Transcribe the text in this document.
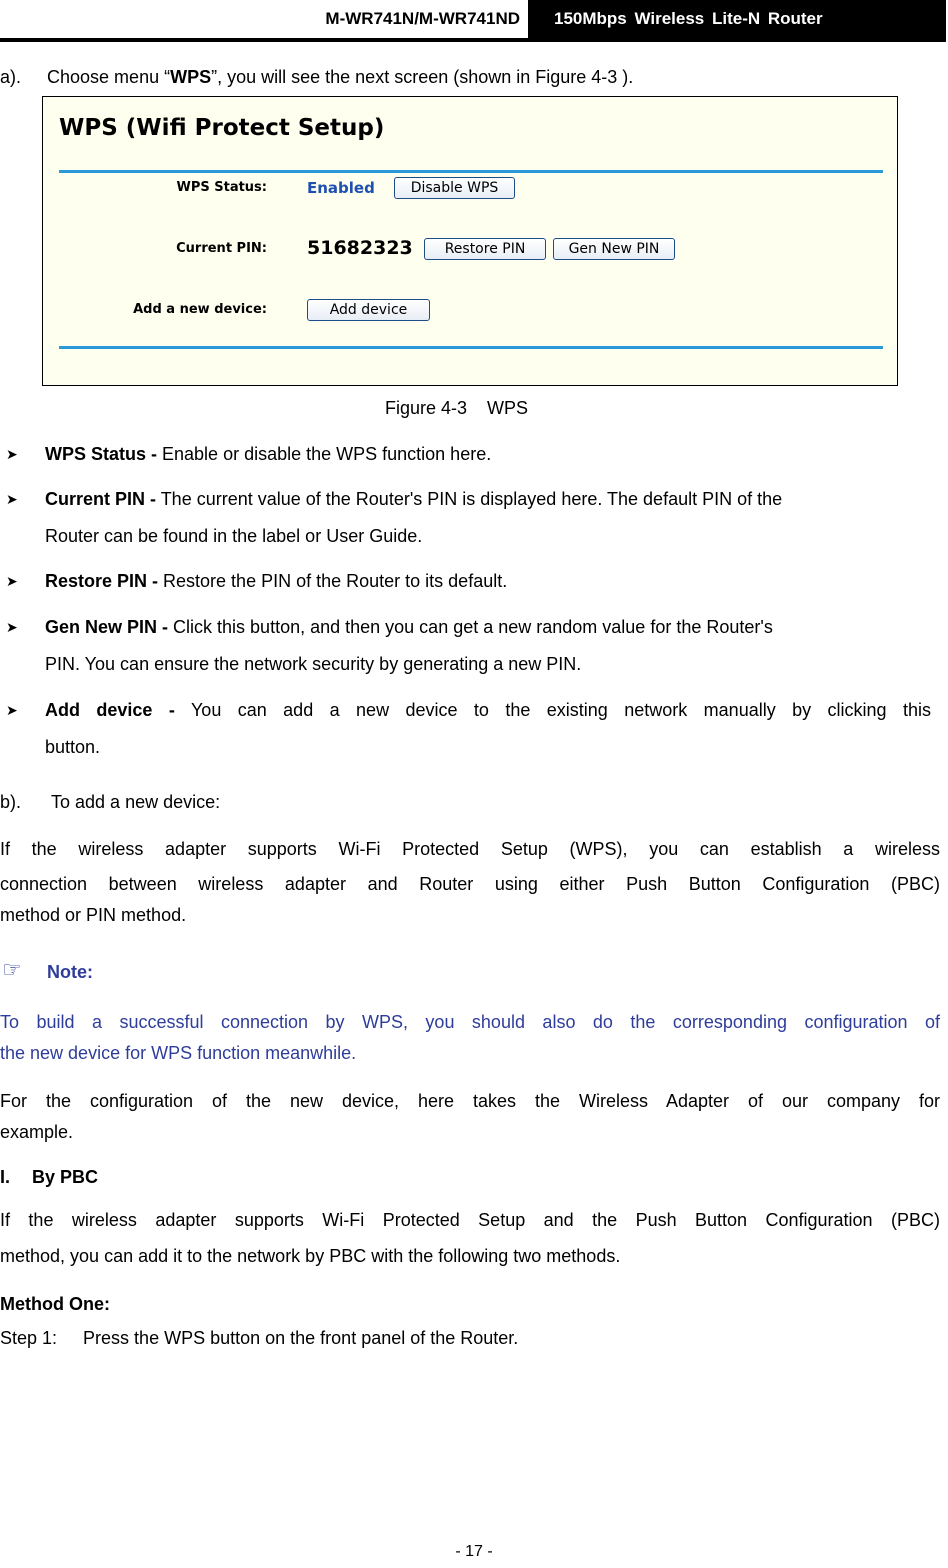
M-WR741N/M-WR741ND	150Mbps Wireless Lite-N Router
a). Choose menu “WPS”, you will see the next screen (shown in Figure 4-3 ).
WPS (Wifi Protect Setup)
WPS Status:	Enabled	Disable WPS
Current PIN: 51682323	Restore PIN	Gen New PIN
Add a new device:	Add device
Figure 4-3    WPS
➤ WPS Status - Enable or disable the WPS function here.
➤ Current PIN - The current value of the Router's PIN is displayed here. The default PIN of the
Router can be found in the label or User Guide.
➤ Restore PIN - Restore the PIN of the Router to its default.
➤ Gen New PIN - Click this button, and then you can get a new random value for the Router's
PIN. You can ensure the network security by generating a new PIN.
➤ Add device - You can add a new device to the existing network manually by clicking this
button.
b). To add a new device:
If  the  wireless  adapter  supports  Wi-Fi  Protected  Setup  (WPS),  you  can  establish  a  wireless
connection between wireless adapter and Router using either Push Button Configuration (PBC)
method or PIN method.
☞ Note:
To build a successful connection by WPS, you should also do the corresponding configuration of
the new device for WPS function meanwhile.
For  the  configuration  of  the  new  device,  here  takes  the  Wireless  Adapter  of  our  company  for
example.
I. By PBC
If the wireless adapter supports Wi-Fi Protected Setup and the Push Button Configuration (PBC)
method, you can add it to the network by PBC with the following two methods.
Method One:
Step 1: Press the WPS button on the front panel of the Router.
- 17 -
